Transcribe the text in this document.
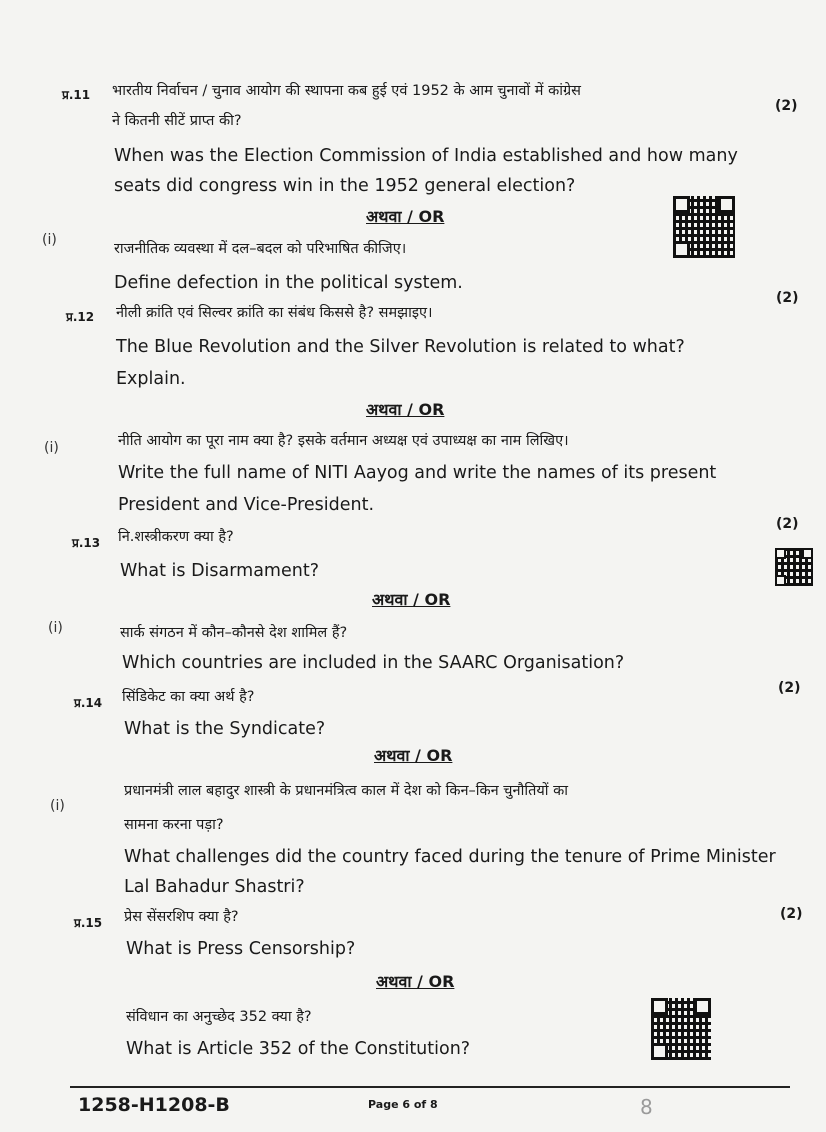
प्र.11 भारतीय निर्वाचन / चुनाव आयोग की स्थापना कब हुई एवं 1952 के आम चुनावों में कांग्रेस
(2)
ने कितनी सीटें प्राप्त की?
When was the Election Commission of India established and how many
seats did congress win in the 1952 general election?
अथवा / OR
(i)
राजनीतिक व्यवस्था में दल–बदल को परिभाषित कीजिए।
Define defection in the political system.
प्र.12 नीली क्रांति एवं सिल्वर क्रांति का संबंध किससे है? समझाइए।
(2)
The Blue Revolution and the Silver Revolution is related to what?
Explain.
अथवा / OR
(i)	नीति आयोग का पूरा नाम क्या है? इसके वर्तमान अध्यक्ष एवं उपाध्यक्ष का नाम लिखिए।
Write the full name of NITI Aayog and write the names of its present
President and Vice-President.
प्र.13 नि.शस्त्रीकरण क्या है?
(2)
What is Disarmament?
अथवा / OR
(i)	सार्क संगठन में कौन–कौनसे देश शामिल हैं?
Which countries are included in the SAARC Organisation?
प्र.14 सिंडिकेट का क्या अर्थ है?
(2)
What is the Syndicate?
अथवा / OR
(i)
प्रधानमंत्री लाल बहादुर शास्त्री के प्रधानमंत्रित्व काल में देश को किन–किन चुनौतियों का
सामना करना पड़ा?
What challenges did the country faced during the tenure of Prime Minister
Lal Bahadur Shastri?
प्र.15 प्रेस सेंसरशिप क्या है?	(2)
What is Press Censorship?
अथवा / OR
संविधान का अनुच्छेद 352 क्या है?
What is Article 352 of the Constitution?
1258-H1208-B	Page 6 of 8	8
